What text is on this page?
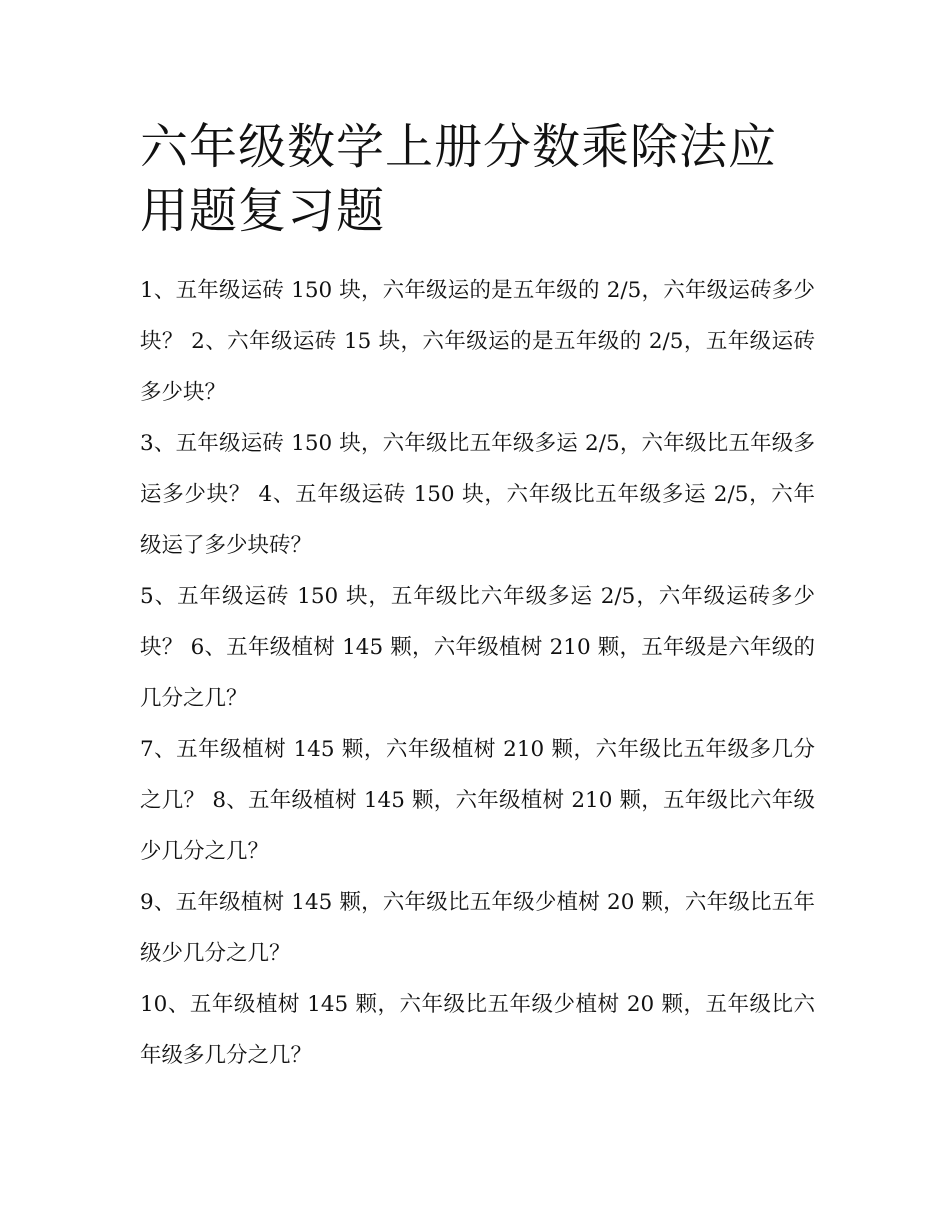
六年级数学上册分数乘除法应用题复习题

1、五年级运砖 150 块，六年级运的是五年级的 2/5，六年级运砖多少块？ 2、六年级运砖 15 块，六年级运的是五年级的 2/5，五年级运砖多少块？

3、五年级运砖 150 块，六年级比五年级多运 2/5，六年级比五年级多运多少块？ 4、五年级运砖 150 块，六年级比五年级多运 2/5，六年级运了多少块砖？

5、五年级运砖 150 块，五年级比六年级多运 2/5，六年级运砖多少块？ 6、五年级植树 145 颗，六年级植树 210 颗，五年级是六年级的几分之几？

7、五年级植树 145 颗，六年级植树 210 颗，六年级比五年级多几分之几？ 8、五年级植树 145 颗，六年级植树 210 颗，五年级比六年级少几分之几？

9、五年级植树 145 颗，六年级比五年级少植树 20 颗，六年级比五年级少几分之几？

10、五年级植树 145 颗，六年级比五年级少植树 20 颗，五年级比六年级多几分之几？
